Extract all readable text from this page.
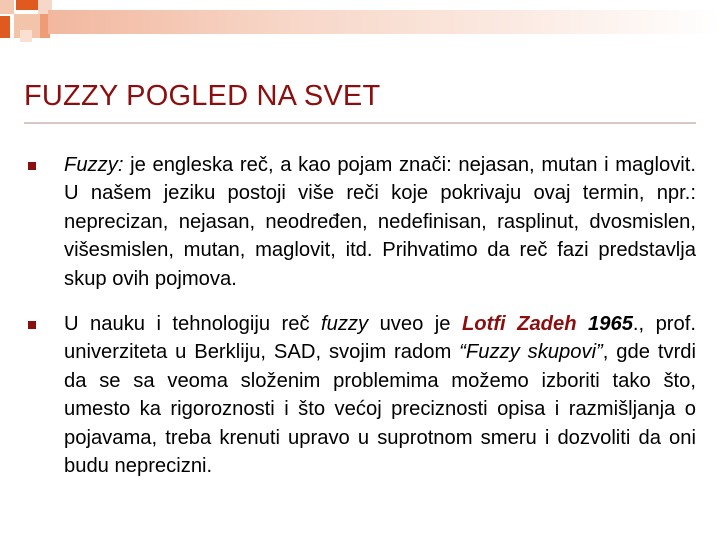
FUZZY POGLED NA SVET
Fuzzy: je engleska reč, a kao pojam znači: nejasan, mutan i maglovit. U našem jeziku postoji više reči koje pokrivaju ovaj termin, npr.: neprecizan, nejasan, neodređen, nedefinisan, rasplinut, dvosmislen, višesmislen, mutan, maglovit, itd. Prihvatimo da reč fazi predstavlja skup ovih pojmova.
U nauku i tehnologiju reč fuzzy uveo je Lotfi Zadeh 1965., prof. univerziteta u Berkliju, SAD, svojim radom “Fuzzy skupovi”, gde tvrdi da se sa veoma složenim problemima možemo izboriti tako što, umesto ka rigoroznosti i što većoj preciznosti opisa i razmišljanja o pojavama, treba krenuti upravo u suprotnom smeru i dozvoliti da oni budu neprecizni.
